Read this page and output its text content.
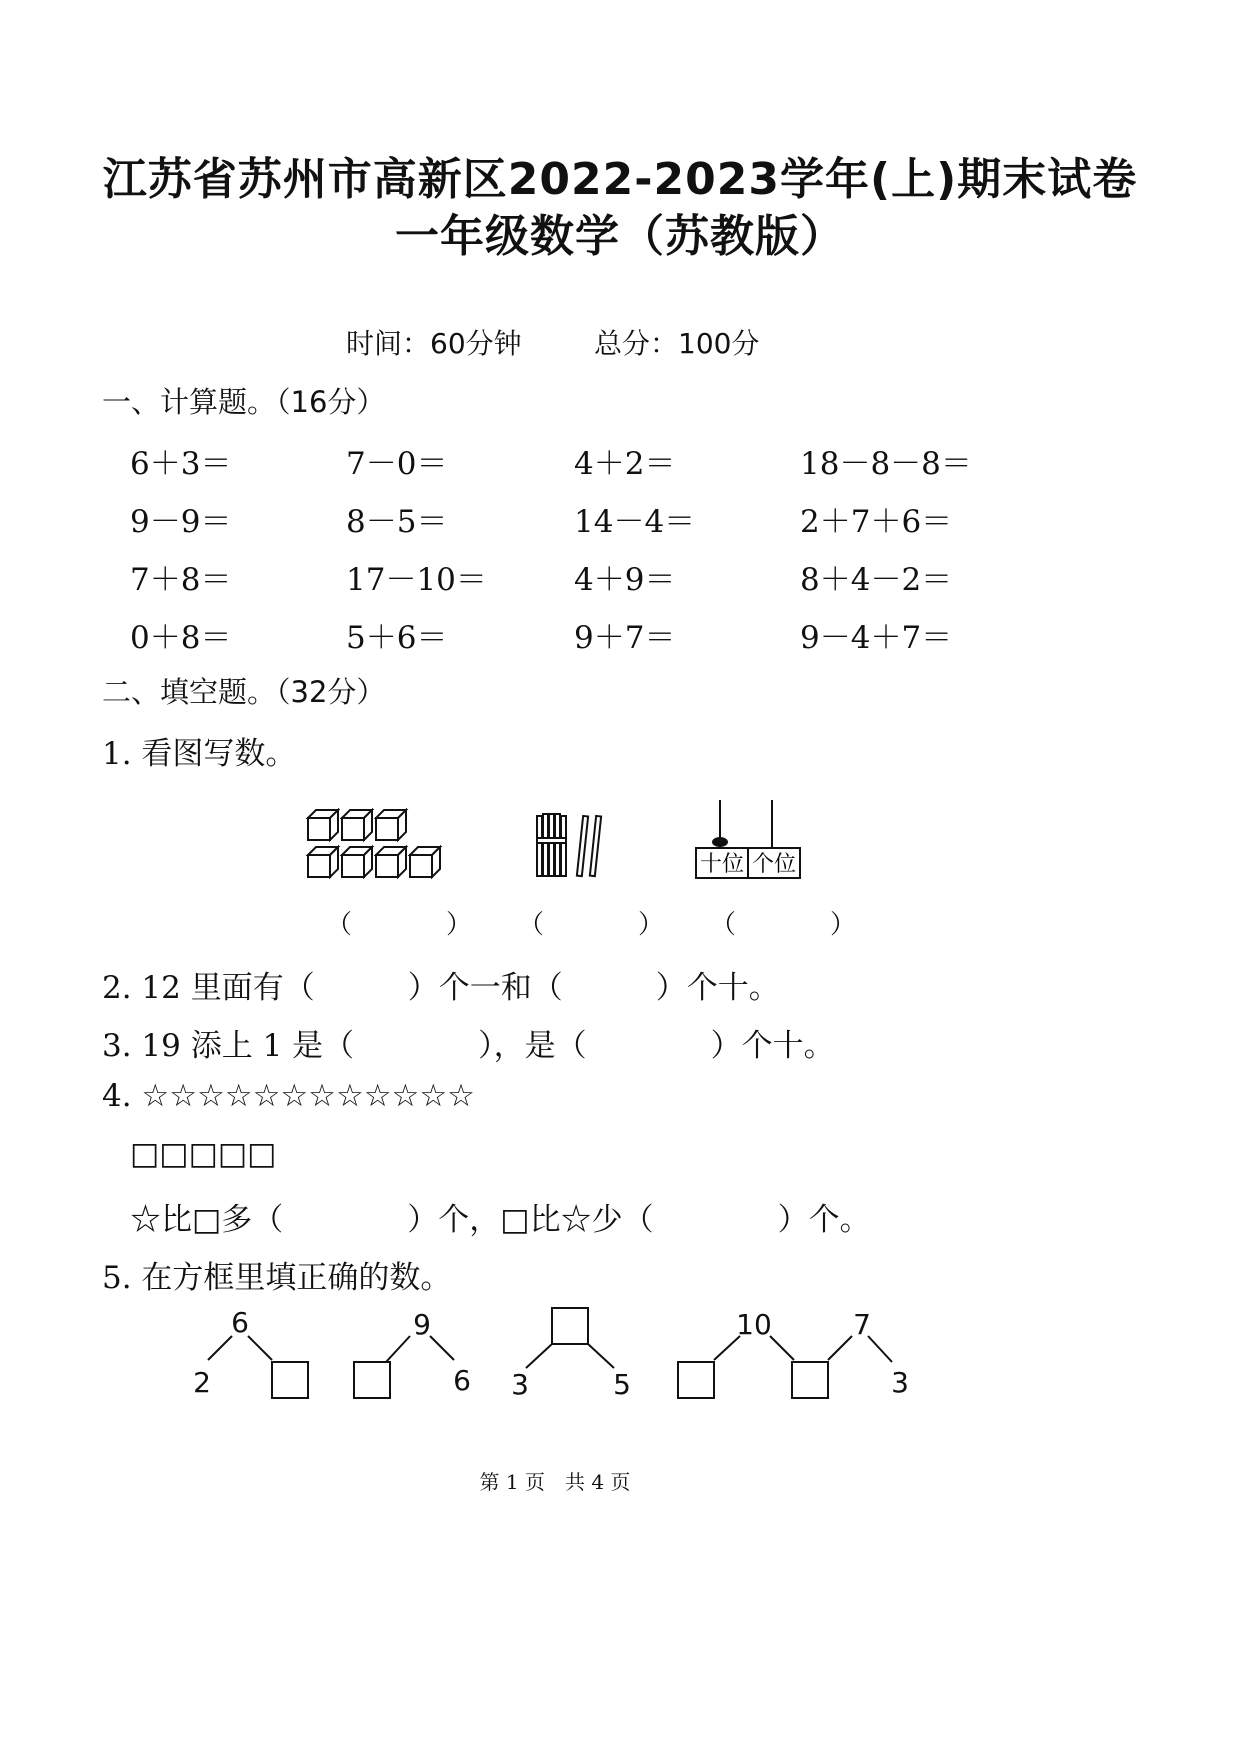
江苏省苏州市高新区2022-2023学年(上)期末试卷
一年级数学（苏教版）
时间：60分钟	总分：100分
一、计算题。（16分）
6＋3＝	7－0＝	4＋2＝	18－8－8＝
9－9＝	8－5＝	14－4＝	2＋7＋6＝
7＋8＝	17－10＝	4＋9＝	8＋4－2＝
0＋8＝	5＋6＝	9＋7＝	9－4＋7＝
二、填空题。（32分）
1. 看图写数。
十位 个位
（　　　） （　　　） （　　　）
2. 12 里面有（　　　）个一和（　　　）个十。
3. 19 添上 1 是（　　　　），是（　　　　）个十。
4. ☆☆☆☆☆☆☆☆☆☆☆☆
□□□□□
☆比□多（　　　　）个，□比☆少（　　　　）个。
5. 在方框里填正确的数。
6
2
9
6 3	5
10	7
3
第 1 页　共 4 页
